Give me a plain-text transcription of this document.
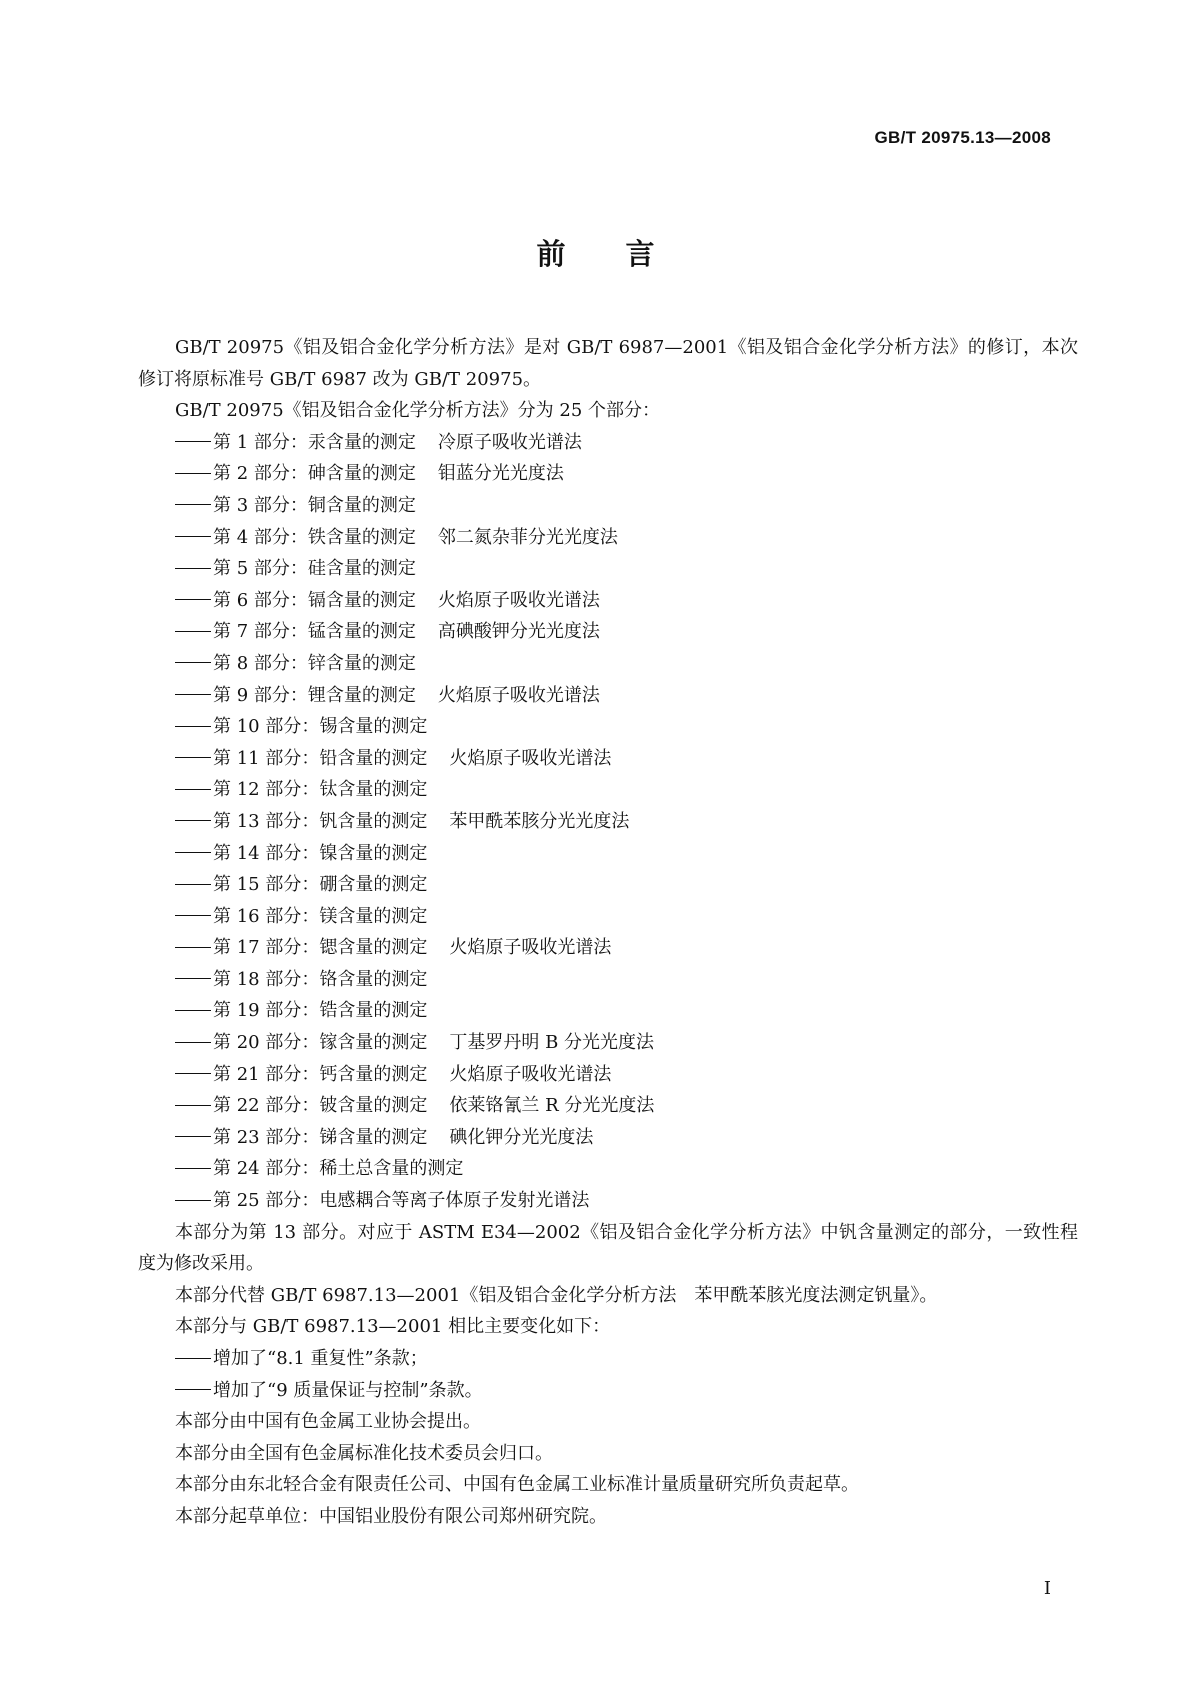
GB/T 20975.13—2008
前 言
GB/T 20975《铝及铝合金化学分析方法》是对 GB/T 6987—2001《铝及铝合金化学分析方法》的修订，本次修订将原标准号 GB/T 6987 改为 GB/T 20975。
GB/T 20975《铝及铝合金化学分析方法》分为 25 个部分：
第 1 部分：汞含量的测定 冷原子吸收光谱法
第 2 部分：砷含量的测定 钼蓝分光光度法
第 3 部分：铜含量的测定
第 4 部分：铁含量的测定 邻二氮杂菲分光光度法
第 5 部分：硅含量的测定
第 6 部分：镉含量的测定 火焰原子吸收光谱法
第 7 部分：锰含量的测定 高碘酸钾分光光度法
第 8 部分：锌含量的测定
第 9 部分：锂含量的测定 火焰原子吸收光谱法
第 10 部分：锡含量的测定
第 11 部分：铅含量的测定 火焰原子吸收光谱法
第 12 部分：钛含量的测定
第 13 部分：钒含量的测定 苯甲酰苯胲分光光度法
第 14 部分：镍含量的测定
第 15 部分：硼含量的测定
第 16 部分：镁含量的测定
第 17 部分：锶含量的测定 火焰原子吸收光谱法
第 18 部分：铬含量的测定
第 19 部分：锆含量的测定
第 20 部分：镓含量的测定 丁基罗丹明 B 分光光度法
第 21 部分：钙含量的测定 火焰原子吸收光谱法
第 22 部分：铍含量的测定 依莱铬氰兰 R 分光光度法
第 23 部分：锑含量的测定 碘化钾分光光度法
第 24 部分：稀土总含量的测定
第 25 部分：电感耦合等离子体原子发射光谱法
本部分为第 13 部分。对应于 ASTM E34—2002《铝及铝合金化学分析方法》中钒含量测定的部分，一致性程度为修改采用。
本部分代替 GB/T 6987.13—2001《铝及铝合金化学分析方法　苯甲酰苯胲光度法测定钒量》。
本部分与 GB/T 6987.13—2001 相比主要变化如下：
增加了“8.1 重复性”条款；
增加了“9 质量保证与控制”条款。
本部分由中国有色金属工业协会提出。
本部分由全国有色金属标准化技术委员会归口。
本部分由东北轻合金有限责任公司、中国有色金属工业标准计量质量研究所负责起草。
本部分起草单位：中国铝业股份有限公司郑州研究院。
I
